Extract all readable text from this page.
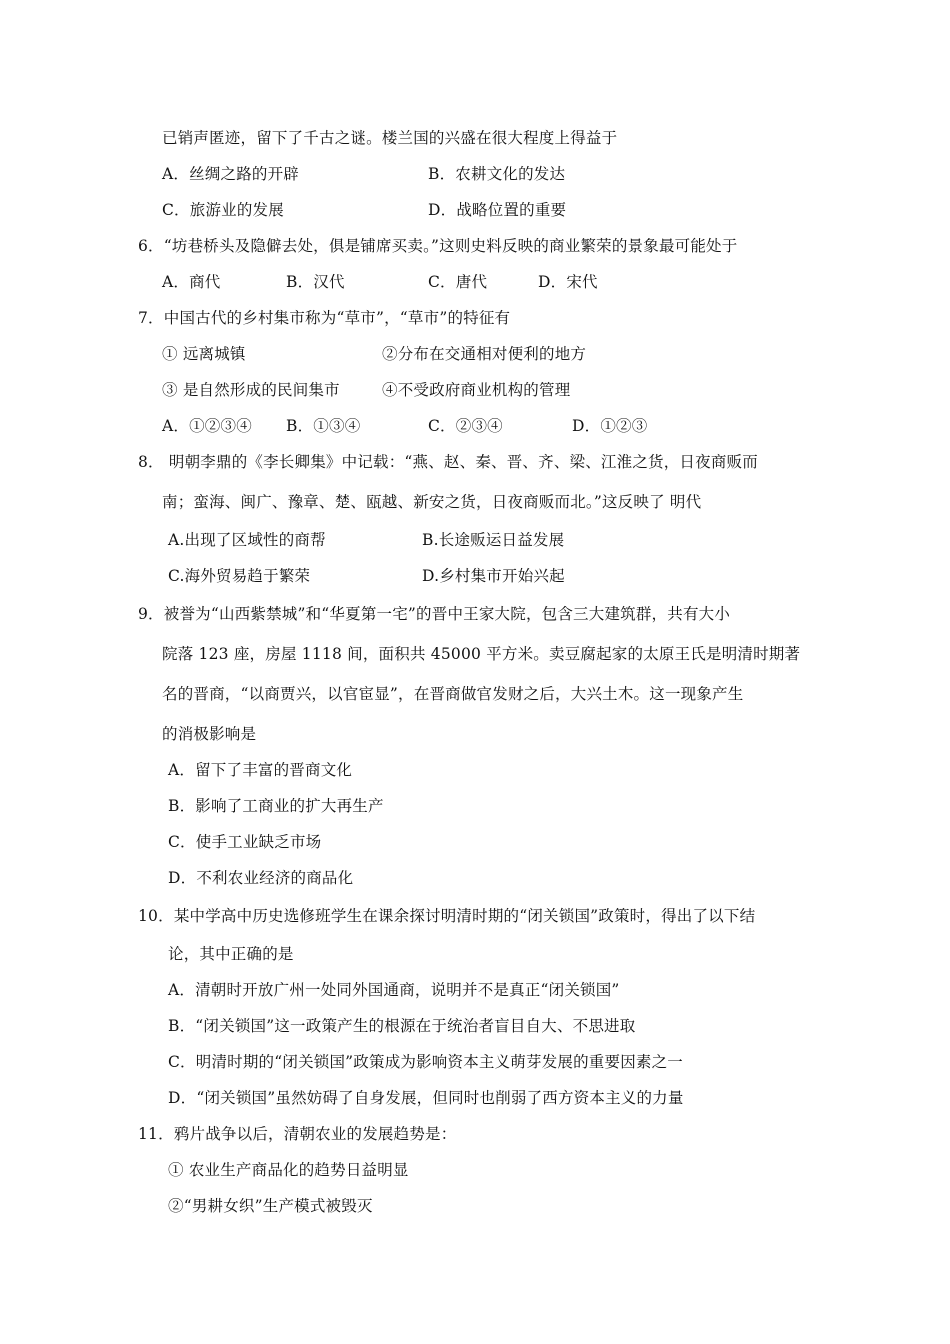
已销声匿迹，留下了千古之谜。楼兰国的兴盛在很大程度上得益于
A．丝绸之路的开辟	B．农耕文化的发达
C．旅游业的发展	D．战略位置的重要
6．“坊巷桥头及隐僻去处，俱是铺席买卖。”这则史料反映的商业繁荣的景象最可能处于
A．商代	B．汉代	C．唐代	D．宋代
7．中国古代的乡村集市称为“草市”，“草市”的特征有
① 远离城镇	②分布在交通相对便利的地方
③ 是自然形成的民间集市	④不受政府商业机构的管理
A．①②③④ B．①③④	C．②③④	D．①②③
8． 明朝李鼎的《李长卿集》中记载：“燕、赵、秦、晋、齐、梁、江淮之货，日夜商贩而
南；蛮海、闽广、豫章、楚、瓯越、新安之货，日夜商贩而北。”这反映了 明代
A.出现了区域性的商帮	B.长途贩运日益发展
C.海外贸易趋于繁荣	D.乡村集市开始兴起
9．被誉为“山西紫禁城”和“华夏第一宅”的晋中王家大院，包含三大建筑群，共有大小
院落 123 座，房屋 1118 间，面积共 45000 平方米。卖豆腐起家的太原王氏是明清时期著
名的晋商，“以商贾兴，以官宦显”，在晋商做官发财之后，大兴土木。这一现象产生
的消极影响是
A．留下了丰富的晋商文化
B．影响了工商业的扩大再生产
C．使手工业缺乏市场
D．不利农业经济的商品化
10．某中学高中历史选修班学生在课余探讨明清时期的“闭关锁国”政策时，得出了以下结
论，其中正确的是
A．清朝时开放广州一处同外国通商，说明并不是真正“闭关锁国”
B．“闭关锁国”这一政策产生的根源在于统治者盲目自大、不思进取
C．明清时期的“闭关锁国”政策成为影响资本主义萌芽发展的重要因素之一
D．“闭关锁国”虽然妨碍了自身发展，但同时也削弱了西方资本主义的力量
11．鸦片战争以后，清朝农业的发展趋势是：
① 农业生产商品化的趋势日益明显
②“男耕女织”生产模式被毁灭
